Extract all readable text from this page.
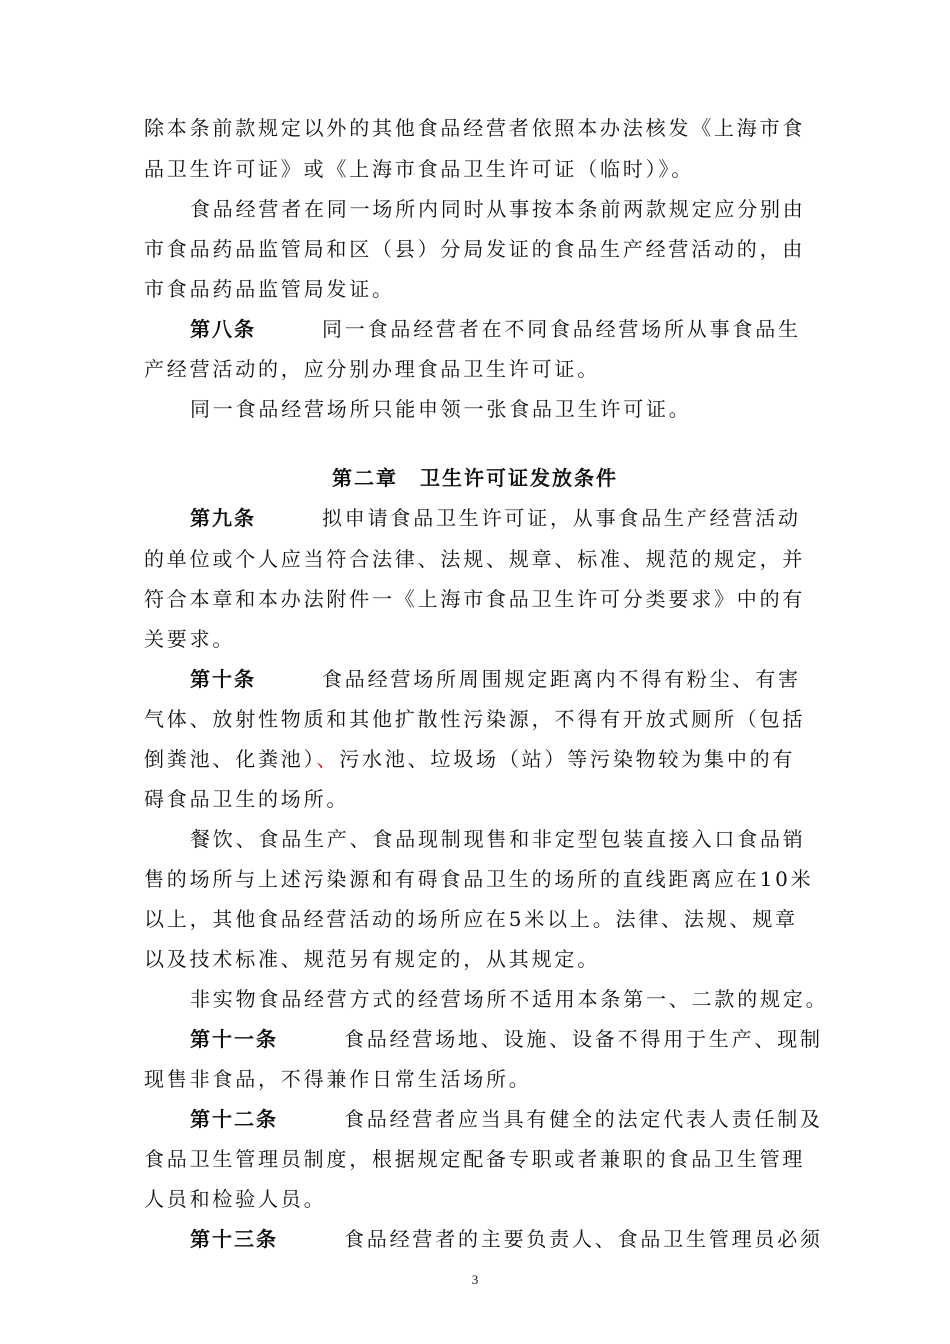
除本条前款规定以外的其他食品经营者依照本办法核发《上海市食
品卫生许可证》或《上海市食品卫生许可证（临时）》。
食品经营者在同一场所内同时从事按本条前两款规定应分别由
市食品药品监管局和区（县）分局发证的食品生产经营活动的，由
市食品药品监管局发证。
第八条	同一食品经营者在不同食品经营场所从事食品生
产经营活动的，应分别办理食品卫生许可证。
同一食品经营场所只能申领一张食品卫生许可证。
第二章　卫生许可证发放条件
第九条	拟申请食品卫生许可证，从事食品生产经营活动
的单位或个人应当符合法律、法规、规章、标准、规范的规定，并
符合本章和本办法附件一《上海市食品卫生许可分类要求》中的有
关要求。
第十条	食品经营场所周围规定距离内不得有粉尘、有害
气体、放射性物质和其他扩散性污染源，不得有开放式厕所（包括
倒粪池、化粪池）、污水池、垃圾场（站）等污染物较为集中的有
碍食品卫生的场所。
餐饮、食品生产、食品现制现售和非定型包装直接入口食品销
售的场所与上述污染源和有碍食品卫生的场所的直线距离应在10米
以上，其他食品经营活动的场所应在5米以上。法律、法规、规章
以及技术标准、规范另有规定的，从其规定。
非实物食品经营方式的经营场所不适用本条第一、二款的规定。
第十一条	食品经营场地、设施、设备不得用于生产、现制
现售非食品，不得兼作日常生活场所。
第十二条	食品经营者应当具有健全的法定代表人责任制及
食品卫生管理员制度，根据规定配备专职或者兼职的食品卫生管理
人员和检验人员。
第十三条	食品经营者的主要负责人、食品卫生管理员必须
3
